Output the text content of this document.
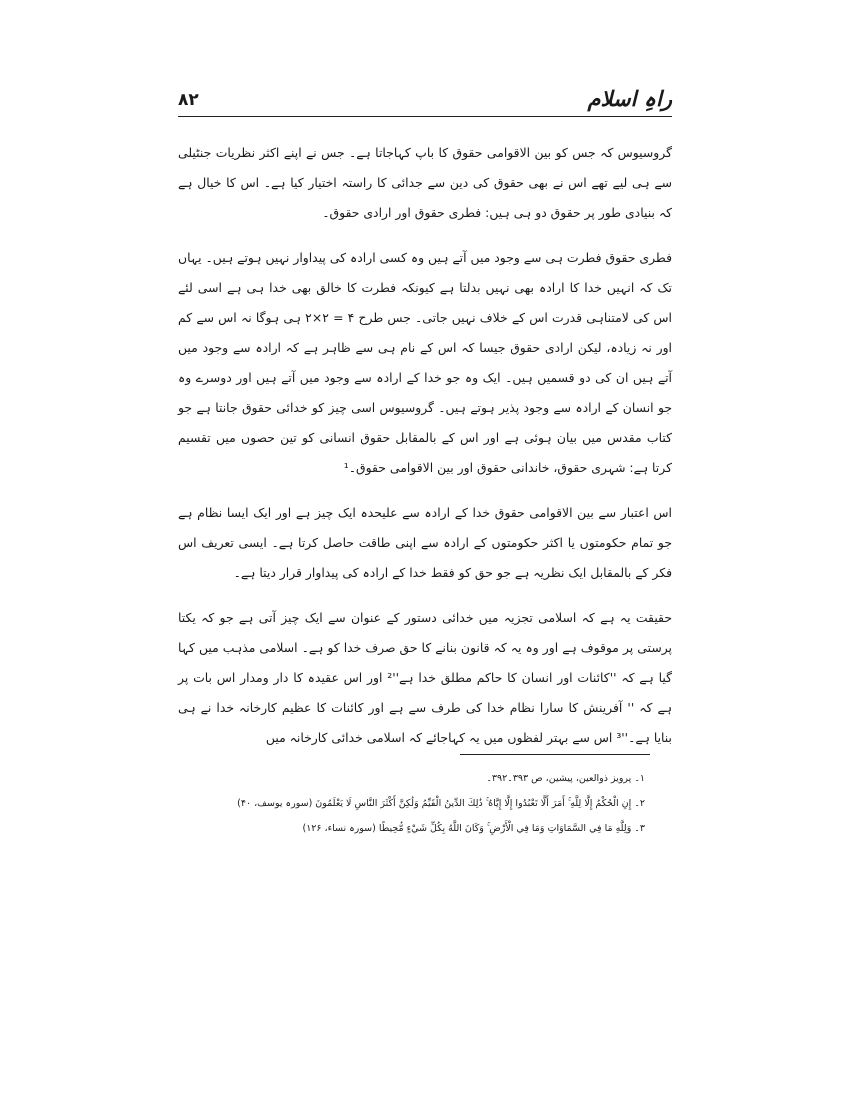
۸۲	راہِ اسلام

گروسیوس کہ جس کو بین الاقوامی حقوق کا باپ کہاجاتا ہے۔ جس نے اپنے اکثر نظریات جنٹیلی سے ہی لیے تھے اس نے بھی حقوق کی دین سے جدائی کا راستہ اختیار کیا ہے۔ اس کا خیال ہے کہ بنیادی طور پر حقوق دو ہی ہیں: فطری حقوق اور ارادی حقوق۔

فطری حقوق فطرت ہی سے وجود میں آتے ہیں وہ کسی ارادہ کی پیداوار نہیں ہوتے ہیں۔ یہاں تک کہ انہیں خدا کا ارادہ بھی نہیں بدلتا ہے کیونکہ فطرت کا خالق بھی خدا ہی ہے اسی لئے اس کی لامتناہی قدرت اس کے خلاف نہیں جاتی۔ جس طرح ۴ = ۲×۲ ہی ہوگا نہ اس سے کم اور نہ زیادہ، لیکن ارادی حقوق جیسا کہ اس کے نام ہی سے ظاہر ہے کہ ارادہ سے وجود میں آتے ہیں ان کی دو قسمیں ہیں۔ ایک وہ جو خدا کے ارادہ سے وجود میں آتے ہیں اور دوسرے وہ جو انسان کے ارادہ سے وجود پذیر ہوتے ہیں۔ گروسیوس اسی چیز کو خدائی حقوق جانتا ہے جو کتاب مقدس میں بیان ہوئی ہے اور اس کے بالمقابل حقوق انسانی کو تین حصوں میں تقسیم کرتا ہے: شہری حقوق، خاندانی حقوق اور بین الاقوامی حقوق۔¹

اس اعتبار سے بین الاقوامی حقوق خدا کے ارادہ سے علیحدہ ایک چیز ہے اور ایک ایسا نظام ہے جو تمام حکومتوں یا اکثر حکومتوں کے ارادہ سے اپنی طاقت حاصل کرتا ہے۔ ایسی تعریف اس فکر کے بالمقابل ایک نظریہ ہے جو حق کو فقط خدا کے ارادہ کی پیداوار قرار دیتا ہے۔

حقیقت یہ ہے کہ اسلامی تجزیہ میں خدائی دستور کے عنوان سے ایک چیز آتی ہے جو کہ یکتا پرستی پر موقوف ہے اور وہ یہ کہ قانون بنانے کا حق صرف خدا کو ہے۔ اسلامی مذہب میں کہا گیا ہے کہ ''کائنات اور انسان کا حاکم مطلق خدا ہے''² اور اس عقیدہ کا دار ومدار اس بات پر ہے کہ '' آفرینش کا سارا نظام خدا کی طرف سے ہے اور کائنات کا عظیم کارخانہ خدا نے ہی بنایا ہے۔''³ اس سے بہتر لفظوں میں یہ کہاجائے کہ اسلامی خدائی کارخانہ میں

۱۔ پرویز ذوالعین، پیشین، ص ۳۹۳۔۳۹۲۔

۲۔ إِنِ الْحُكْمُ إِلَّا لِلَّهِ ۚ أَمَرَ أَلَّا تَعْبُدُوا إِلَّا إِيَّاهُ ۚ ذَٰلِكَ الدِّينُ الْقَيِّمُ وَلَٰكِنَّ أَكْثَرَ النَّاسِ لَا يَعْلَمُونَ (سورہ یوسف، ۴۰)

۳۔ وَلِلَّهِ مَا فِي السَّمَاوَاتِ وَمَا فِي الْأَرْضِ ۚ وَكَانَ اللَّهُ بِكُلِّ شَيْءٍ مُّحِيطًا (سورہ نساء، ۱۲۶)
